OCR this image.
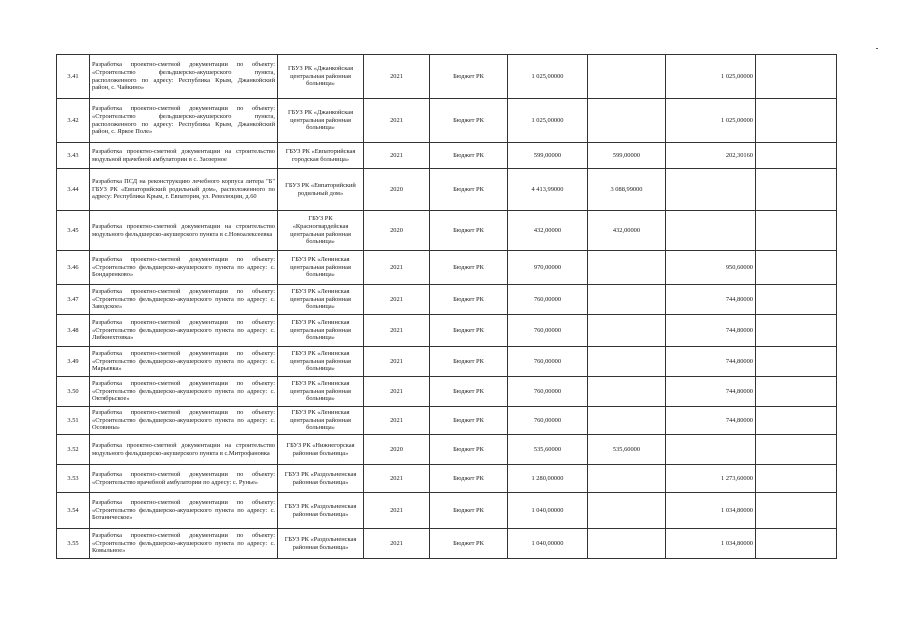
3.41	Разработка проектно-сметной документации по объекту: «Строительство фельдшерско-акушерского пункта, расположенного по адресу: Республика Крым, Джанкойский район, с. Чайкино»	ГБУЗ РК «Джанкойская центральная районная больница»	2021	Бюджет РК	1 025,00000		1 025,00000	
3.42	Разработка проектно-сметной документации по объекту: «Строительство фельдшерско-акушерского пункта, расположенного по адресу: Республика Крым, Джанкойский район, с. Яркое Поле»	ГБУЗ РК «Джанкойская центральная районная больница»	2021	Бюджет РК	1 025,00000		1 025,00000	
3.43	Разработка проектно-сметной документации на строительство модульной врачебной амбулатории в с. Заозерное	ГБУЗ РК «Евпаторийская городская больница»	2021	Бюджет РК	599,00000	599,00000	202,30160	
3.44	Разработка ПСД на реконструкцию лечебного корпуса литера "Б" ГБУЗ РК «Евпаторийский родильный дом», расположенного по адресу: Республика Крым, г. Евпатория, ул. Революции, д.60	ГБУЗ РК «Евпаторийский родильный дом»	2020	Бюджет РК	4 413,99000	3 088,99000		
3.45	Разработка проектно-сметной документации на строительство модульного фельдшерско-акушерского пункта в с.Новоалексеевка	ГБУЗ РК «Красногвардейская центральная районная больница»	2020	Бюджет РК	432,00000	432,00000		
3.46	Разработка проектно-сметной документации по объекту: «Строительство фельдшерско-акушерского пункта по адресу: с. Бондаренково»	ГБУЗ РК «Ленинская центральная районная больница»	2021	Бюджет РК	970,00000		950,60000	
3.47	Разработка проектно-сметной документации по объекту: «Строительство фельдшерско-акушерского пункта по адресу: с. Заводское»	ГБУЗ РК «Ленинская центральная районная больница»	2021	Бюджет РК	760,00000		744,80000	
3.48	Разработка проектно-сметной документации по объекту: «Строительство фельдшерско-акушерского пункта по адресу: с. Либкнехтовка»	ГБУЗ РК «Ленинская центральная районная больница»	2021	Бюджет РК	760,00000		744,80000	
3.49	Разработка проектно-сметной документации по объекту: «Строительство фельдшерско-акушерского пункта по адресу: с. Марьевка»	ГБУЗ РК «Ленинская центральная районная больница»	2021	Бюджет РК	760,00000		744,80000	
3.50	Разработка проектно-сметной документации по объекту: «Строительство фельдшерско-акушерского пункта по адресу: с. Октябрьское»	ГБУЗ РК «Ленинская центральная районная больница»	2021	Бюджет РК	760,00000		744,80000	
3.51	Разработка проектно-сметной документации по объекту: «Строительство фельдшерско-акушерского пункта по адресу: с. Осовины»	ГБУЗ РК «Ленинская центральная районная больница»	2021	Бюджет РК	760,00000		744,80000	
3.52	Разработка проектно-сметной документации на строительство модульного фельдшерско-акушерского пункта в с.Митрофановка	ГБУЗ РК «Нижнегорская районная больница»	2020	Бюджет РК	535,60000	535,60000		
3.53	Разработка проектно-сметной документации по объекту: «Строительство врачебной амбулатории по адресу: с. Рунье»	ГБУЗ РК «Раздольненская районная больница»	2021	Бюджет РК	1 280,00000		1 273,60000	
3.54	Разработка проектно-сметной документации по объекту: «Строительство фельдшерско-акушерского пункта по адресу: с. Ботаническое»	ГБУЗ РК «Раздольненская районная больница»	2021	Бюджет РК	1 040,00000		1 034,80000	
3.55	Разработка проектно-сметной документации по объекту: «Строительство фельдшерско-акушерского пункта по адресу: с. Ковыльное»	ГБУЗ РК «Раздольненская районная больница»	2021	Бюджет РК	1 040,00000		1 034,80000	
